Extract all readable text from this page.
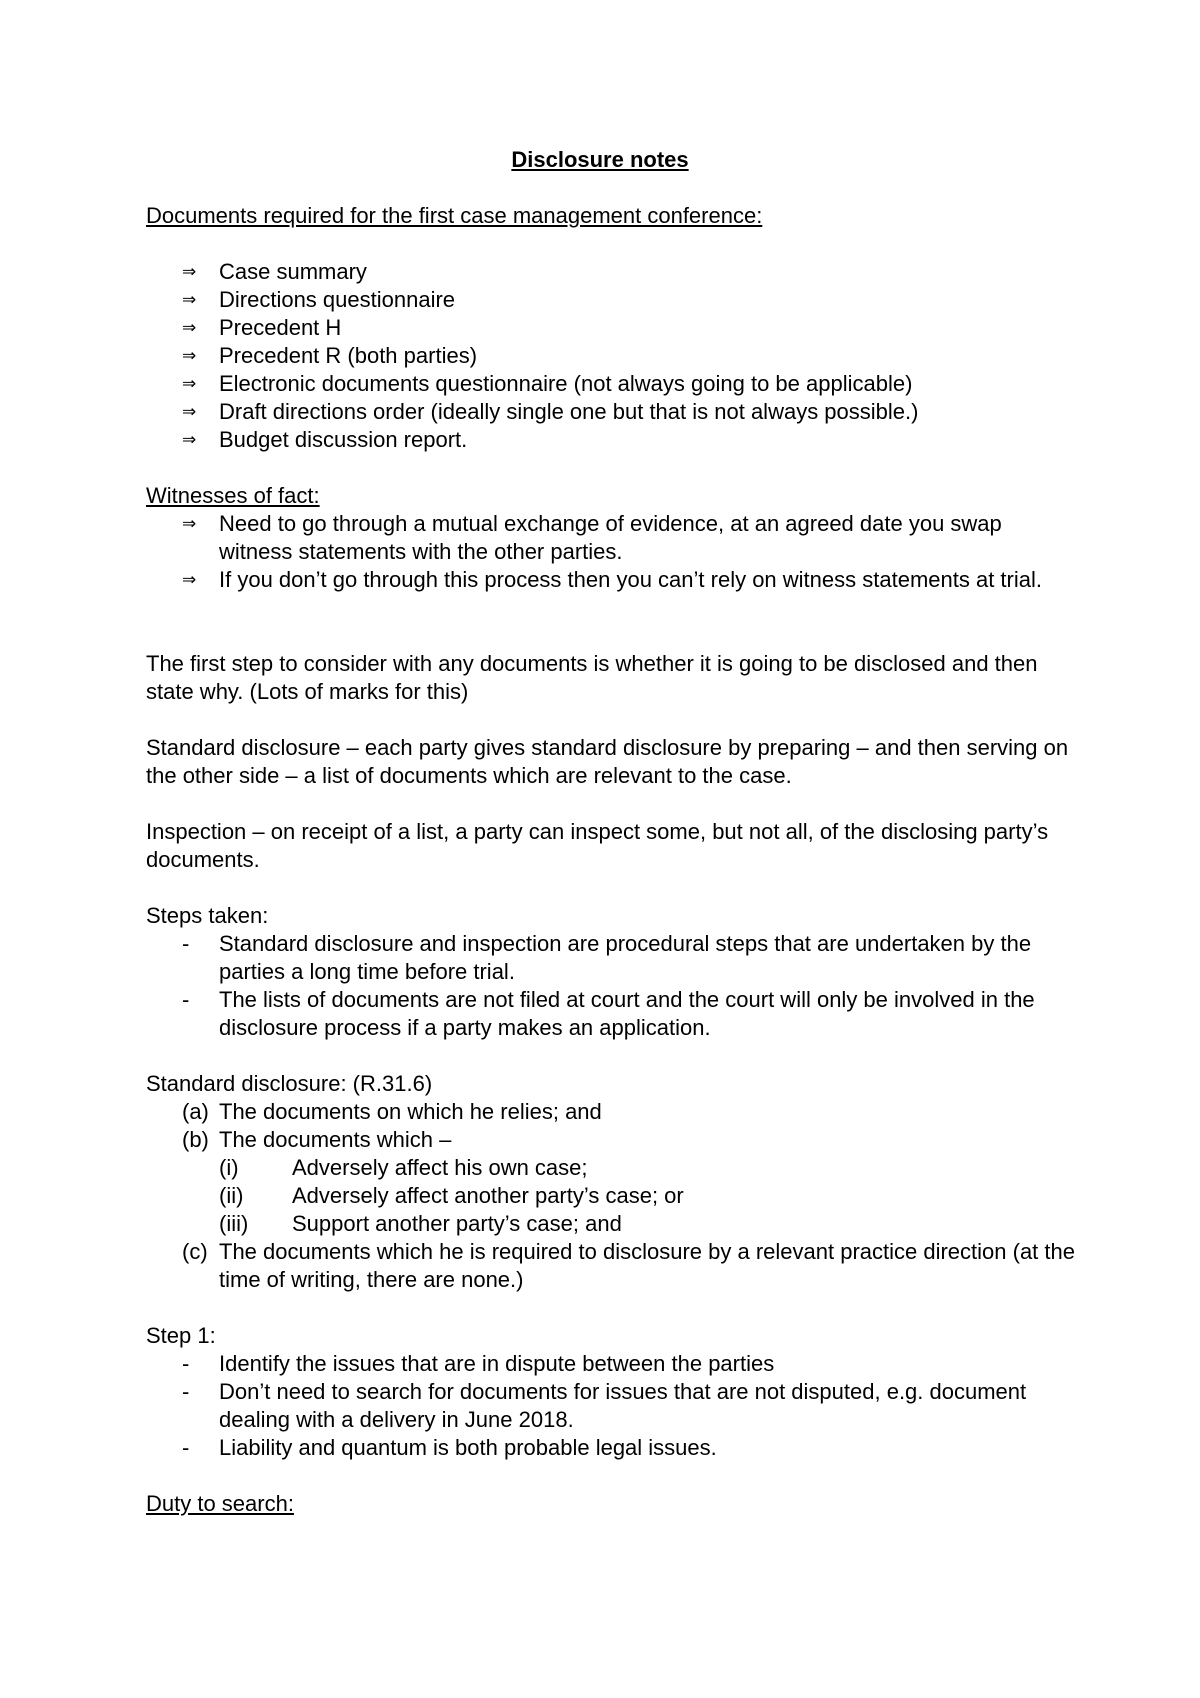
Disclosure notes
Documents required for the first case management conference:
⇒ Case summary
⇒ Directions questionnaire
⇒ Precedent H
⇒ Precedent R (both parties)
⇒ Electronic documents questionnaire (not always going to be applicable)
⇒ Draft directions order (ideally single one but that is not always possible.)
⇒ Budget discussion report.
Witnesses of fact:
⇒ Need to go through a mutual exchange of evidence, at an agreed date you swap witness statements with the other parties.
⇒ If you don’t go through this process then you can’t rely on witness statements at trial.
The first step to consider with any documents is whether it is going to be disclosed and then state why. (Lots of marks for this)
Standard disclosure – each party gives standard disclosure by preparing – and then serving on the other side – a list of documents which are relevant to the case.
Inspection – on receipt of a list, a party can inspect some, but not all, of the disclosing party’s documents.
Steps taken:
- Standard disclosure and inspection are procedural steps that are undertaken by the parties a long time before trial.
- The lists of documents are not filed at court and the court will only be involved in the disclosure process if a party makes an application.
Standard disclosure: (R.31.6)
(a) The documents on which he relies; and
(b) The documents which –
(i) Adversely affect his own case;
(ii) Adversely affect another party’s case; or
(iii) Support another party’s case; and
(c) The documents which he is required to disclosure by a relevant practice direction (at the time of writing, there are none.)
Step 1:
- Identify the issues that are in dispute between the parties
- Don’t need to search for documents for issues that are not disputed, e.g. document dealing with a delivery in June 2018.
- Liability and quantum is both probable legal issues.
Duty to search:
